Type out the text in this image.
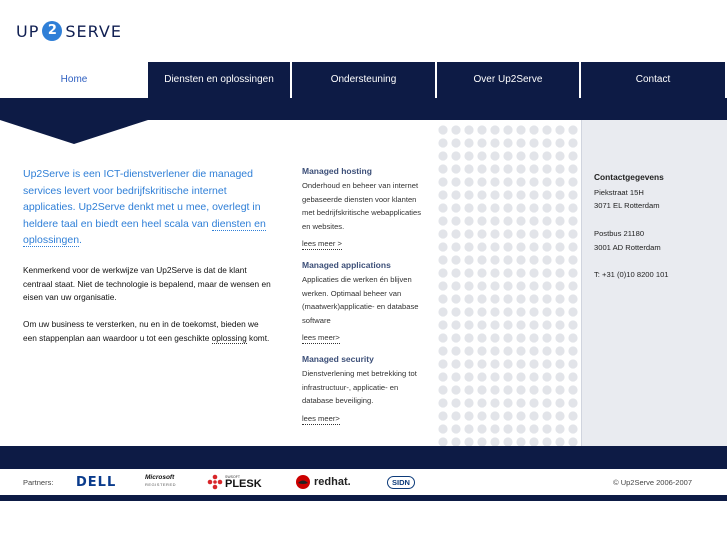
UP 2 SERVE
Home	Diensten en oplossingen	Ondersteuning	Over Up2Serve	Contact
Up2Serve is een ICT-dienstverlener die managed services levert voor bedrijfskritische internet applicaties. Up2Serve denkt met u mee, overlegt in heldere taal en biedt een heel scala van diensten en oplossingen.
Kenmerkend voor de werkwijze van Up2Serve is dat de klant centraal staat. Niet de technologie is bepalend, maar de wensen en eisen van uw organisatie.
Om uw business te versterken, nu en in de toekomst, bieden we een stappenplan aan waardoor u tot een geschikte oplossing komt.
Managed hosting

Onderhoud en beheer van internet gebaseerde diensten voor klanten met bedrijfskritische webapplicaties en websites.

lees meer >
Managed applications

Applicaties die werken én blijven werken. Optimaal beheer van (maatwerk)applicatie- en database software

lees meer>
Managed security

Dienstverlening met betrekking tot infrastructuur-, applicatie- en database beveiliging.

lees meer>
Contactgegevens
Piekstraat 15H
3071 EL Rotterdam
Postbus 21180
3001 AD Rotterdam
T: +31 (0)10 8200 101
Partners: DELL	Microsoft
REGISTERED
SWSOFT
PLESK	redhat.	SIDN	© Up2Serve 2006-2007
